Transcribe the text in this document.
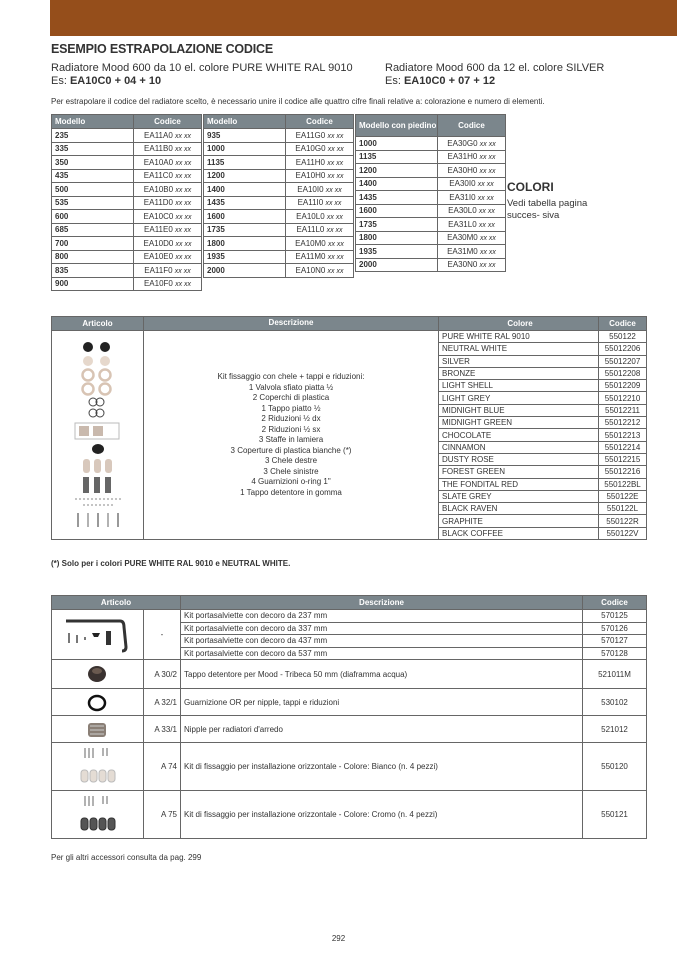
ESEMPIO ESTRAPOLAZIONE CODICE
Radiatore Mood 600 da 10 el. colore PURE WHITE RAL 9010
Es: EA10C0 + 04 + 10
Radiatore Mood 600 da 12 el. colore SILVER
Es: EA10C0 + 07 + 12
Per estrapolare il codice del radiatore scelto, è necessario unire il codice alle quattro cifre finali relative a: colorazione e numero di elementi.
Modello	Codice
235	EA11A0 xx xx
335	EA11B0 xx xx
350	EA10A0 xx xx
435	EA11C0 xx xx
500	EA10B0 xx xx
535	EA11D0 xx xx
600	EA10C0 xx xx
685	EA11E0 xx xx
700	EA10D0 xx xx
800	EA10E0 xx xx
835	EA11F0 xx xx
900	EA10F0 xx xx
Modello	Codice
935	EA11G0 xx xx
1000	EA10G0 xx xx
1135	EA11H0 xx xx
1200	EA10H0 xx xx
1400	EA10I0 xx xx
1435	EA11I0 xx xx
1600	EA10L0 xx xx
1735	EA11L0 xx xx
1800	EA10M0 xx xx
1935	EA11M0 xx xx
2000	EA10N0 xx xx
Modello con piedino	Codice
1000	EA30G0 xx xx
1135	EA31H0 xx xx
1200	EA30H0 xx xx
1400	EA30I0 xx xx
1435	EA31I0 xx xx
1600	EA30L0 xx xx
1735	EA31L0 xx xx
1800	EA30M0 xx xx
1935	EA31M0 xx xx
2000	EA30N0 xx xx
COLORI

Vedi tabella pagina succes- siva

Articolo	Descrizione	Colore	Codice

Kit fissaggio con chele + tappi e riduzioni:
1 Valvola sfiato piatta ½
2 Coperchi di plastica
1 Tappo piatto ½
2 Riduzioni ½ dx
2 Riduzioni ½ sx
3 Staffe in lamiera
3 Coperture di plastica bianche (*)
3 Chele destre
3 Chele sinistre
4 Guarnizioni o-ring 1"
1 Tappo detentore in gomma
	PURE WHITE RAL 9010	550122
		NEUTRAL WHITE	55012206
		SILVER	55012207
		BRONZE	55012208
		LIGHT SHELL	55012209
		LIGHT GREY	55012210
		MIDNIGHT BLUE	55012211
		MIDNIGHT GREEN	55012212
		CHOCOLATE	55012213
		CINNAMON	55012214
		DUSTY ROSE	55012215
		FOREST GREEN	55012216
		THE FONDITAL RED	550122BL
		SLATE GREY	550122E
		BLACK RAVEN	550122L
		GRAPHITE	550122R
		BLACK COFFEE	550122V
(*) Solo per i colori PURE WHITE RAL 9010 e NEUTRAL WHITE.
Articolo		Descrizione	Codice
	-	Kit portasalviette con decoro da 237 mm	570125
		Kit portasalviette con decoro da 337 mm	570126
		Kit portasalviette con decoro da 437 mm	570127
		Kit portasalviette con decoro da 537 mm	570128
	A 30/2	Tappo detentore per Mood - Tribeca 50 mm (diaframma acqua)	521011M
	A 32/1	Guarnizione OR per nipple, tappi e riduzioni	530102
	A 33/1	Nipple per radiatori d'arredo	521012
	A 74	Kit di fissaggio per installazione orizzontale - Colore: Bianco (n. 4 pezzi)	550120
	A 75	Kit di fissaggio per installazione orizzontale - Colore: Cromo (n. 4 pezzi)	550121
Per gli altri accessori consulta da pag. 299
292
